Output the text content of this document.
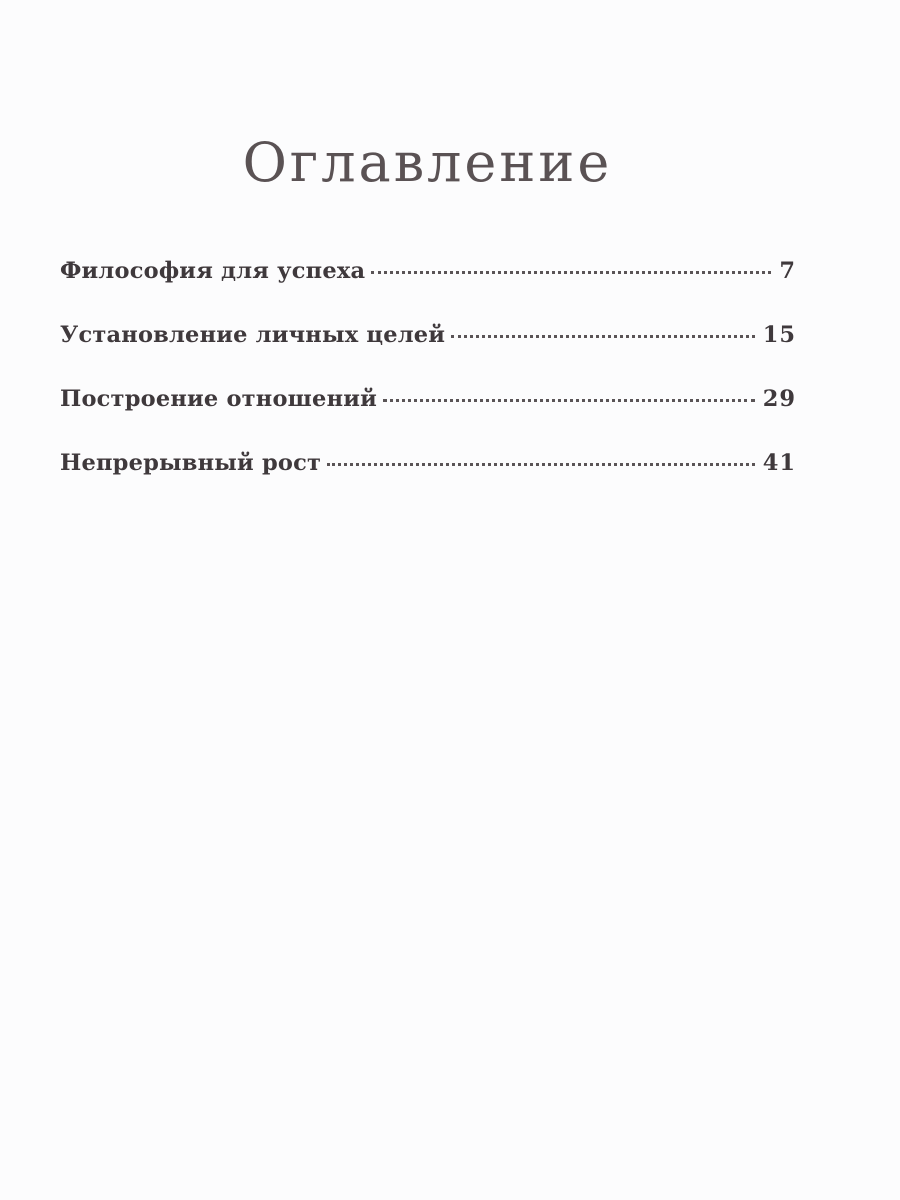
Оглавление
Философия для успеха	7
Установление личных целей	15
Построение отношений	29
Непрерывный рост	41
